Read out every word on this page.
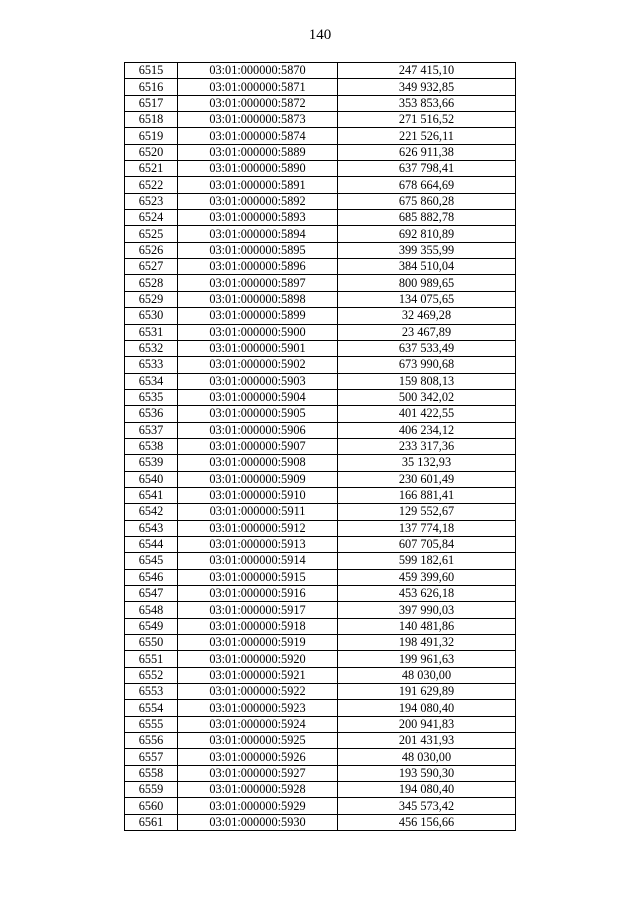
140
6515	03:01:000000:5870	247 415,10
6516	03:01:000000:5871	349 932,85
6517	03:01:000000:5872	353 853,66
6518	03:01:000000:5873	271 516,52
6519	03:01:000000:5874	221 526,11
6520	03:01:000000:5889	626 911,38
6521	03:01:000000:5890	637 798,41
6522	03:01:000000:5891	678 664,69
6523	03:01:000000:5892	675 860,28
6524	03:01:000000:5893	685 882,78
6525	03:01:000000:5894	692 810,89
6526	03:01:000000:5895	399 355,99
6527	03:01:000000:5896	384 510,04
6528	03:01:000000:5897	800 989,65
6529	03:01:000000:5898	134 075,65
6530	03:01:000000:5899	32 469,28
6531	03:01:000000:5900	23 467,89
6532	03:01:000000:5901	637 533,49
6533	03:01:000000:5902	673 990,68
6534	03:01:000000:5903	159 808,13
6535	03:01:000000:5904	500 342,02
6536	03:01:000000:5905	401 422,55
6537	03:01:000000:5906	406 234,12
6538	03:01:000000:5907	233 317,36
6539	03:01:000000:5908	35 132,93
6540	03:01:000000:5909	230 601,49
6541	03:01:000000:5910	166 881,41
6542	03:01:000000:5911	129 552,67
6543	03:01:000000:5912	137 774,18
6544	03:01:000000:5913	607 705,84
6545	03:01:000000:5914	599 182,61
6546	03:01:000000:5915	459 399,60
6547	03:01:000000:5916	453 626,18
6548	03:01:000000:5917	397 990,03
6549	03:01:000000:5918	140 481,86
6550	03:01:000000:5919	198 491,32
6551	03:01:000000:5920	199 961,63
6552	03:01:000000:5921	48 030,00
6553	03:01:000000:5922	191 629,89
6554	03:01:000000:5923	194 080,40
6555	03:01:000000:5924	200 941,83
6556	03:01:000000:5925	201 431,93
6557	03:01:000000:5926	48 030,00
6558	03:01:000000:5927	193 590,30
6559	03:01:000000:5928	194 080,40
6560	03:01:000000:5929	345 573,42
6561	03:01:000000:5930	456 156,66
